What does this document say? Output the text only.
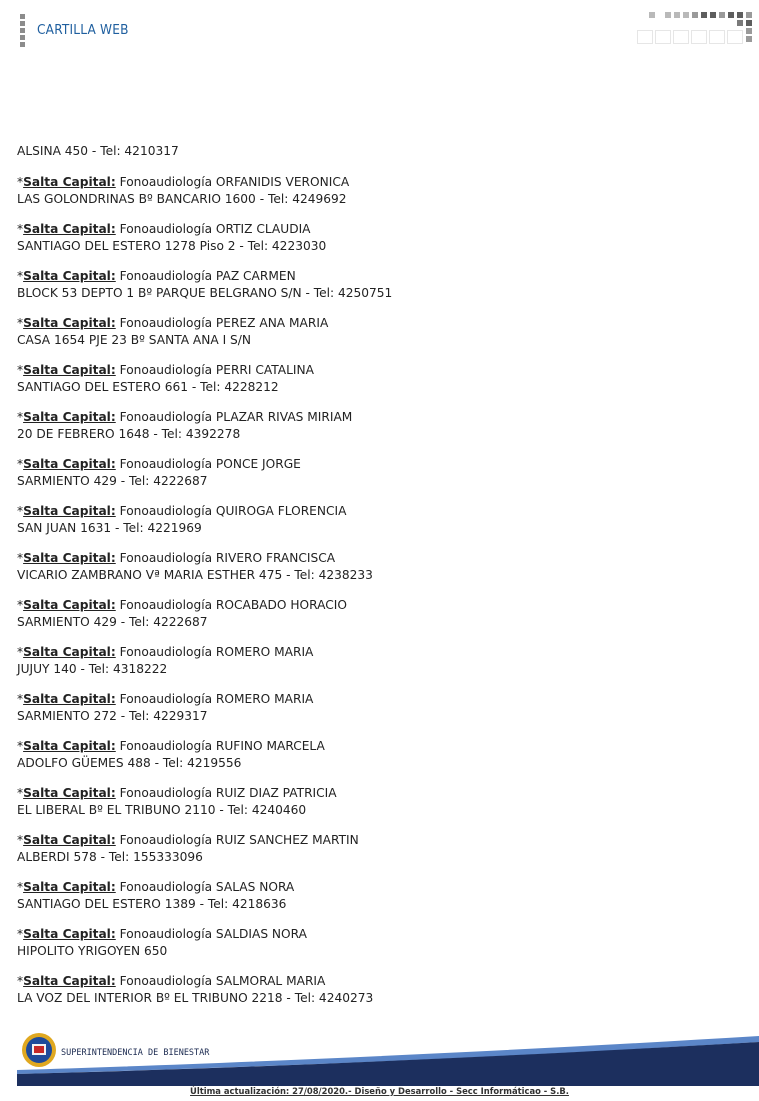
CARTILLA WEB

ALSINA 450 - Tel: 4210317

*Salta Capital: Fonoaudiología ORFANIDIS VERONICA
LAS GOLONDRINAS Bº BANCARIO 1600 - Tel: 4249692

*Salta Capital: Fonoaudiología ORTIZ CLAUDIA
SANTIAGO DEL ESTERO 1278 Piso 2 - Tel: 4223030

*Salta Capital: Fonoaudiología PAZ CARMEN
BLOCK 53 DEPTO 1 Bº PARQUE BELGRANO S/N - Tel: 4250751

*Salta Capital: Fonoaudiología PEREZ ANA MARIA
CASA 1654 PJE 23 Bº SANTA ANA I S/N

*Salta Capital: Fonoaudiología PERRI CATALINA
SANTIAGO DEL ESTERO 661 - Tel: 4228212

*Salta Capital: Fonoaudiología PLAZAR RIVAS MIRIAM
20 DE FEBRERO 1648 - Tel: 4392278

*Salta Capital: Fonoaudiología PONCE JORGE
SARMIENTO 429 - Tel: 4222687

*Salta Capital: Fonoaudiología QUIROGA FLORENCIA
SAN JUAN 1631 - Tel: 4221969

*Salta Capital: Fonoaudiología RIVERO FRANCISCA
VICARIO ZAMBRANO Vª MARIA ESTHER 475 - Tel: 4238233

*Salta Capital: Fonoaudiología ROCABADO HORACIO
SARMIENTO 429 - Tel: 4222687

*Salta Capital: Fonoaudiología ROMERO MARIA
JUJUY 140 - Tel: 4318222

*Salta Capital: Fonoaudiología ROMERO MARIA
SARMIENTO 272 - Tel: 4229317

*Salta Capital: Fonoaudiología RUFINO MARCELA
ADOLFO GÜEMES 488 - Tel: 4219556

*Salta Capital: Fonoaudiología RUIZ DIAZ PATRICIA
EL LIBERAL Bº EL TRIBUNO 2110 - Tel: 4240460

*Salta Capital: Fonoaudiología RUIZ SANCHEZ MARTIN
ALBERDI 578 - Tel: 155333096

*Salta Capital: Fonoaudiología SALAS NORA
SANTIAGO DEL ESTERO 1389 - Tel: 4218636

*Salta Capital: Fonoaudiología SALDIAS NORA
HIPOLITO YRIGOYEN 650

*Salta Capital: Fonoaudiología SALMORAL MARIA
LA VOZ DEL INTERIOR Bº EL TRIBUNO 2218 - Tel: 4240273

SUPERINTENDENCIA DE BIENESTAR
Última actualización: 27/08/2020.- Diseño y Desarrollo - Secc Informáticao - S.B.
